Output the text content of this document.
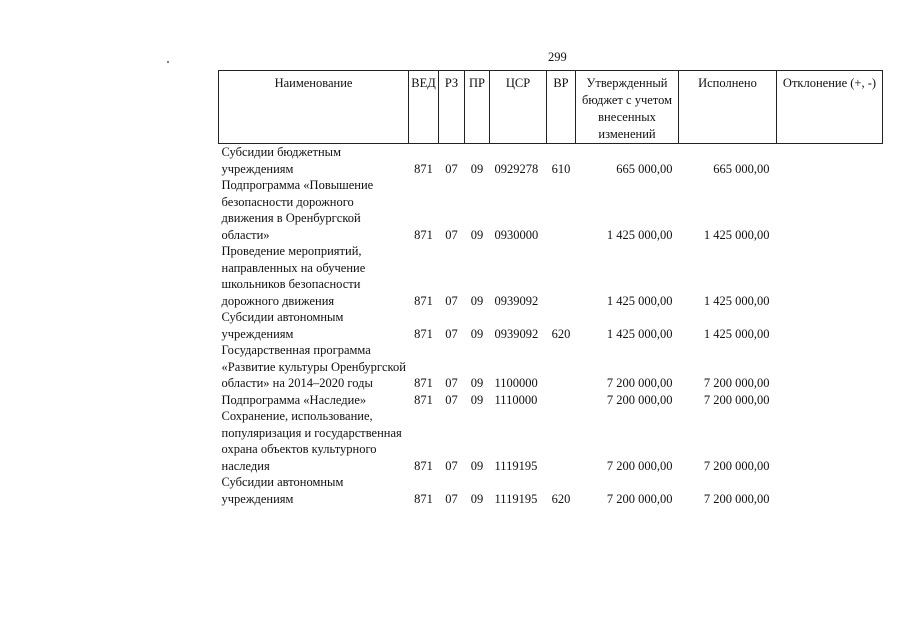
299
Наименование	ВЕД	РЗ	ПР	ЦСР	ВР	Утвержденный бюджет с учетом внесенных изменений	Исполнено	Отклонение (+, -)
Субсидии бюджетным учреждениям	871	07	09	0929278	610	665 000,00	665 000,00	
Подпрограмма «Повышение безопасности дорожного движения в Оренбургской области»	871	07	09	0930000		1 425 000,00	1 425 000,00	
Проведение мероприятий, направленных на обучение школьников безопасности дорожного движения	871	07	09	0939092		1 425 000,00	1 425 000,00	
Субсидии автономным учреждениям	871	07	09	0939092	620	1 425 000,00	1 425 000,00	
Государственная программа «Развитие культуры Оренбургской области» на 2014–2020 годы	871	07	09	1100000		7 200 000,00	7 200 000,00	
Подпрограмма «Наследие»	871	07	09	1110000		7 200 000,00	7 200 000,00	
Сохранение, использование, популяризация и государственная охрана объектов культурного наследия	871	07	09	1119195		7 200 000,00	7 200 000,00	
Субсидии автономным учреждениям	871	07	09	1119195	620	7 200 000,00	7 200 000,00	
